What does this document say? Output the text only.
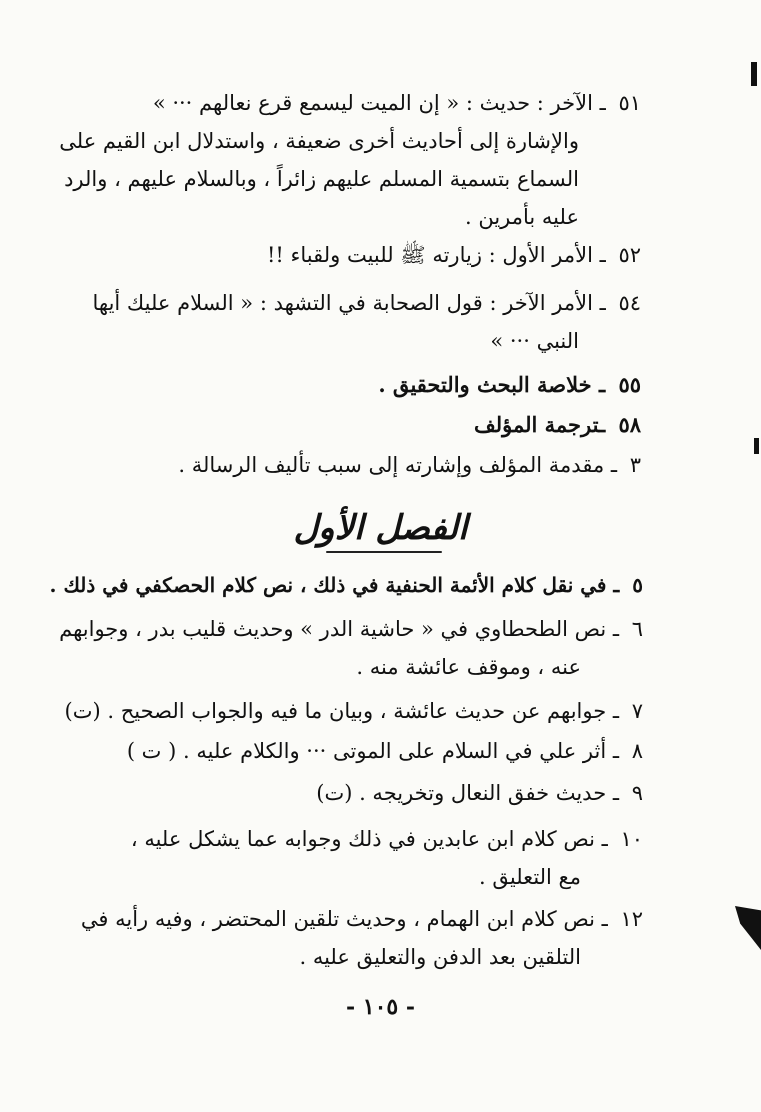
٥١ ـ الآخر : حديث : « إن الميت ليسمع قرع نعالهم ··· »
والإشارة إلى أحاديث أخرى ضعيفة ، واستدلال ابن القيم على
السماع بتسمية المسلم عليهم زائراً ، وبالسلام عليهم ، والرد
عليه بأمرين .
٥٢ ـ الأمر الأول : زيارته ﷺ للبيت ولقباء !!
٥٤ ـ الأمر الآخر : قول الصحابة في التشهد : « السلام عليك أيها
النبي ··· »
٥٥ ـ خلاصة البحث والتحقيق .
٥٨ ـترجمة المؤلف
٣ ـ مقدمة المؤلف وإشارته إلى سبب تأليف الرسالة .
الفصل الأول
٥ ـ في نقل كلام الأئمة الحنفية في ذلك ، نص كلام الحصكفي في ذلك .
٦ ـ نص الطحطاوي في « حاشية الدر » وحديث قليب بدر ، وجوابهم
عنه ، وموقف عائشة منه .
٧ ـ جوابهم عن حديث عائشة ، وبيان ما فيه والجواب الصحيح . (ت)
٨ ـ أثر علي في السلام على الموتى ··· والكلام عليه . ( ت )
٩ ـ حديث خفق النعال وتخريجه . (ت)
١٠ ـ نص كلام ابن عابدين في ذلك وجوابه عما يشكل عليه ،
مع التعليق .
١٢ ـ نص كلام ابن الهمام ، وحديث تلقين المحتضر ، وفيه رأيه في
التلقين بعد الدفن والتعليق عليه .
- ١٠٥ -
